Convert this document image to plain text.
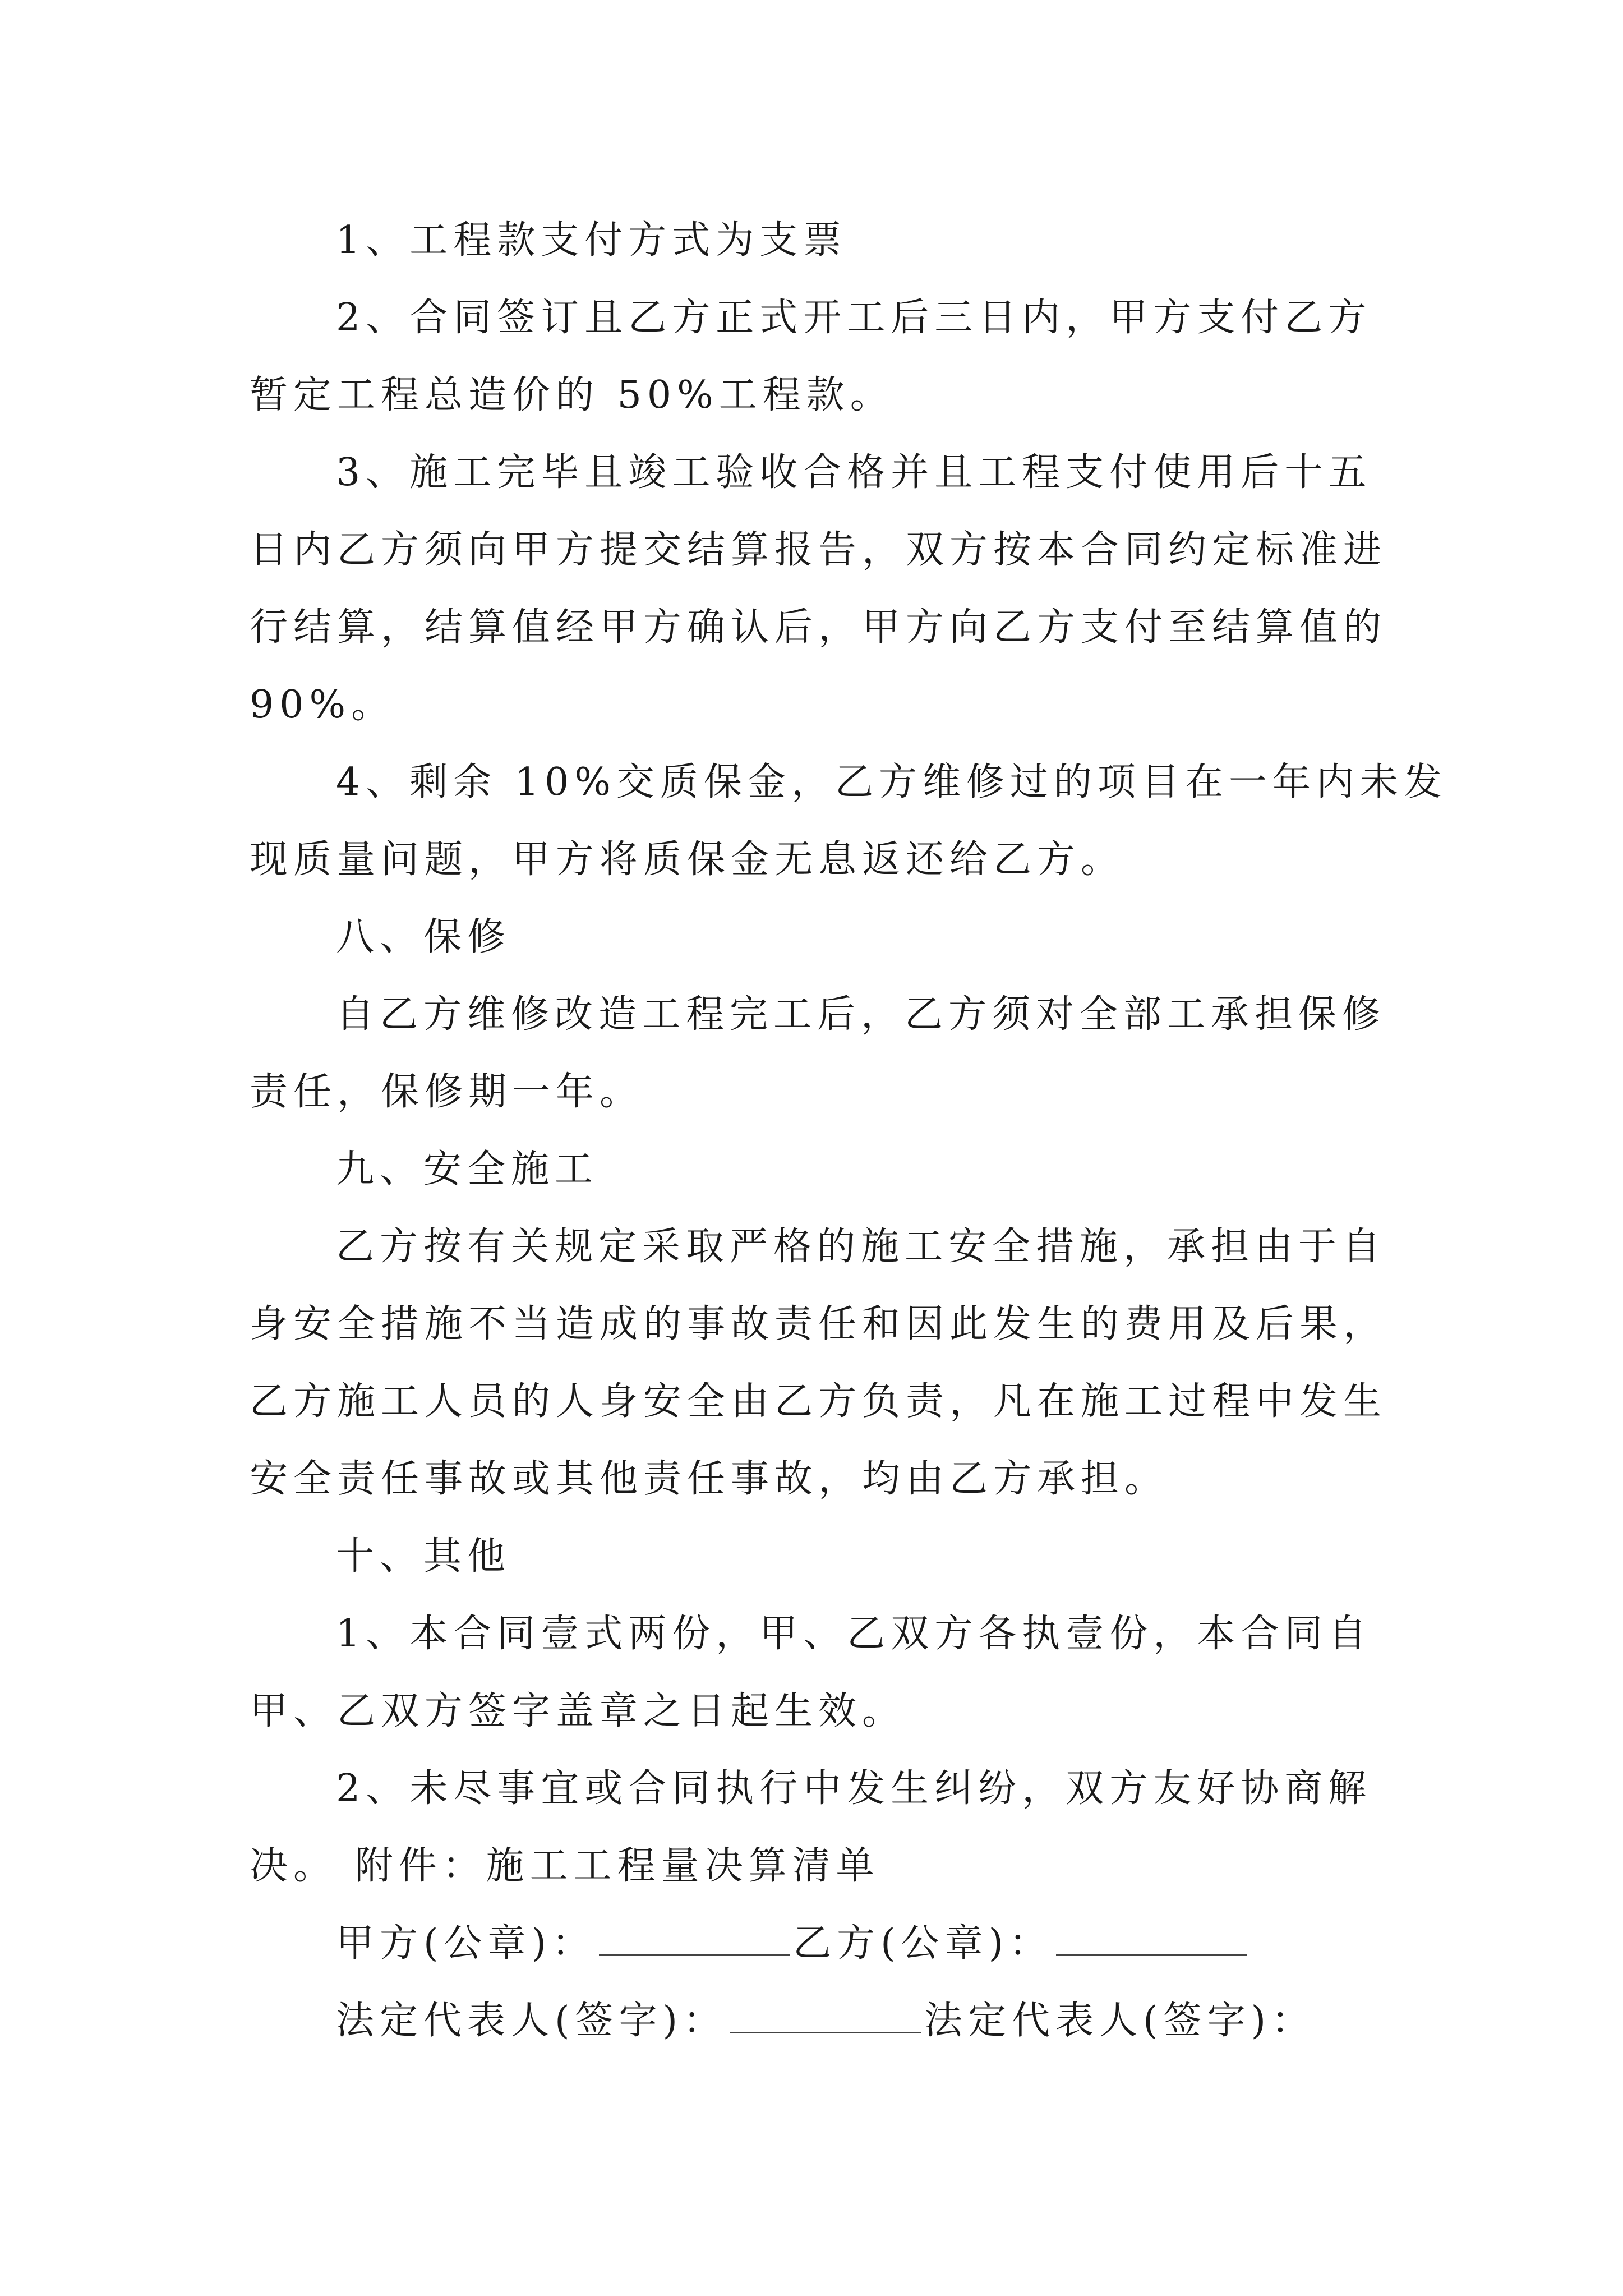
1、工程款支付方式为支票

2、合同签订且乙方正式开工后三日内，甲方支付乙方
暂定工程总造价的 50%工程款。

3、施工完毕且竣工验收合格并且工程支付使用后十五
日内乙方须向甲方提交结算报告，双方按本合同约定标准进
行结算，结算值经甲方确认后，甲方向乙方支付至结算值的
90%。

4、剩余 10%交质保金，乙方维修过的项目在一年内未发
现质量问题，甲方将质保金无息返还给乙方。

八、保修

自乙方维修改造工程完工后，乙方须对全部工承担保修
责任，保修期一年。

九、安全施工

乙方按有关规定采取严格的施工安全措施，承担由于自
身安全措施不当造成的事故责任和因此发生的费用及后果，
乙方施工人员的人身安全由乙方负责，凡在施工过程中发生
安全责任事故或其他责任事故，均由乙方承担。

十、其他

1、本合同壹式两份，甲、乙双方各执壹份，本合同自
甲、乙双方签字盖章之日起生效。

2、未尽事宜或合同执行中发生纠纷，双方友好协商解
决。 附件：施工工程量决算清单

甲方(公章)：	乙方(公章)：
法定代表人(签字)：	法定代表人(签字)：
